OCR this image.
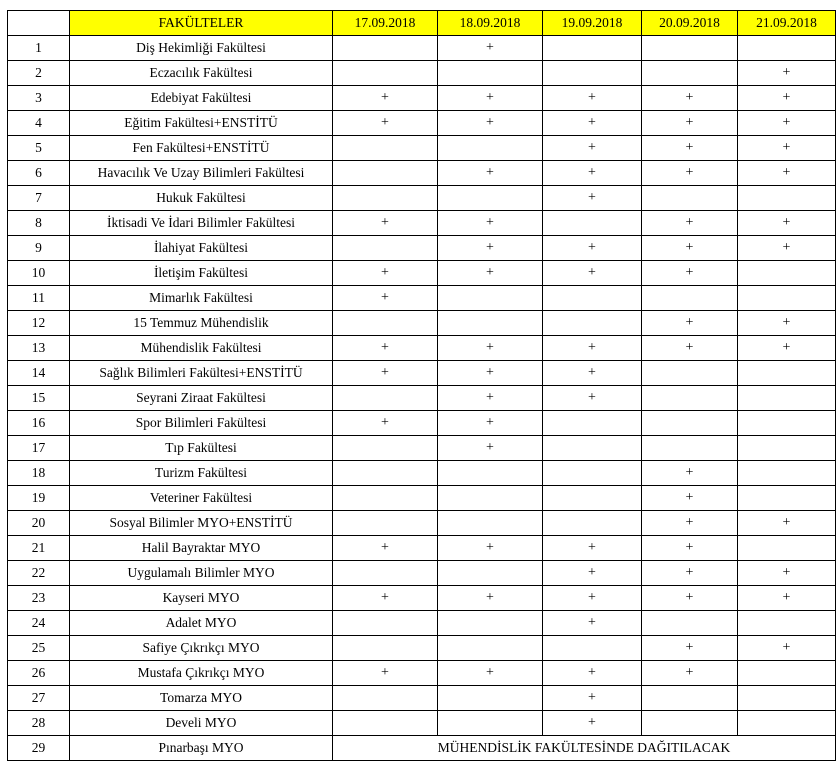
	FAKÜLTELER	17.09.2018	18.09.2018	19.09.2018	20.09.2018	21.09.2018
1	Diş Hekimliği Fakültesi		+			
2	Eczacılık Fakültesi					+
3	Edebiyat Fakültesi	+	+	+	+	+
4	Eğitim Fakültesi+ENSTİTÜ	+	+	+	+	+
5	Fen Fakültesi+ENSTİTÜ			+	+	+
6	Havacılık Ve Uzay Bilimleri Fakültesi		+	+	+	+
7	Hukuk Fakültesi			+		
8	İktisadi Ve İdari Bilimler Fakültesi	+	+		+	+
9	İlahiyat Fakültesi		+	+	+	+
10	İletişim Fakültesi	+	+	+	+	
11	Mimarlık Fakültesi	+				
12	15 Temmuz Mühendislik				+	+
13	Mühendislik Fakültesi	+	+	+	+	+
14	Sağlık Bilimleri Fakültesi+ENSTİTÜ	+	+	+		
15	Seyrani Ziraat Fakültesi		+	+		
16	Spor Bilimleri Fakültesi	+	+			
17	Tıp Fakültesi		+			
18	Turizm Fakültesi				+	
19	Veteriner Fakültesi				+	
20	Sosyal Bilimler MYO+ENSTİTÜ				+	+
21	Halil Bayraktar MYO	+	+	+	+	
22	Uygulamalı Bilimler MYO			+	+	+
23	Kayseri MYO	+	+	+	+	+
24	Adalet MYO			+		
25	Safiye Çıkrıkçı MYO				+	+
26	Mustafa Çıkrıkçı MYO	+	+	+	+	
27	Tomarza MYO			+		
28	Develi MYO			+		
29	Pınarbaşı MYO	MÜHENDİSLİK FAKÜLTESİNDE DAĞITILACAK				
